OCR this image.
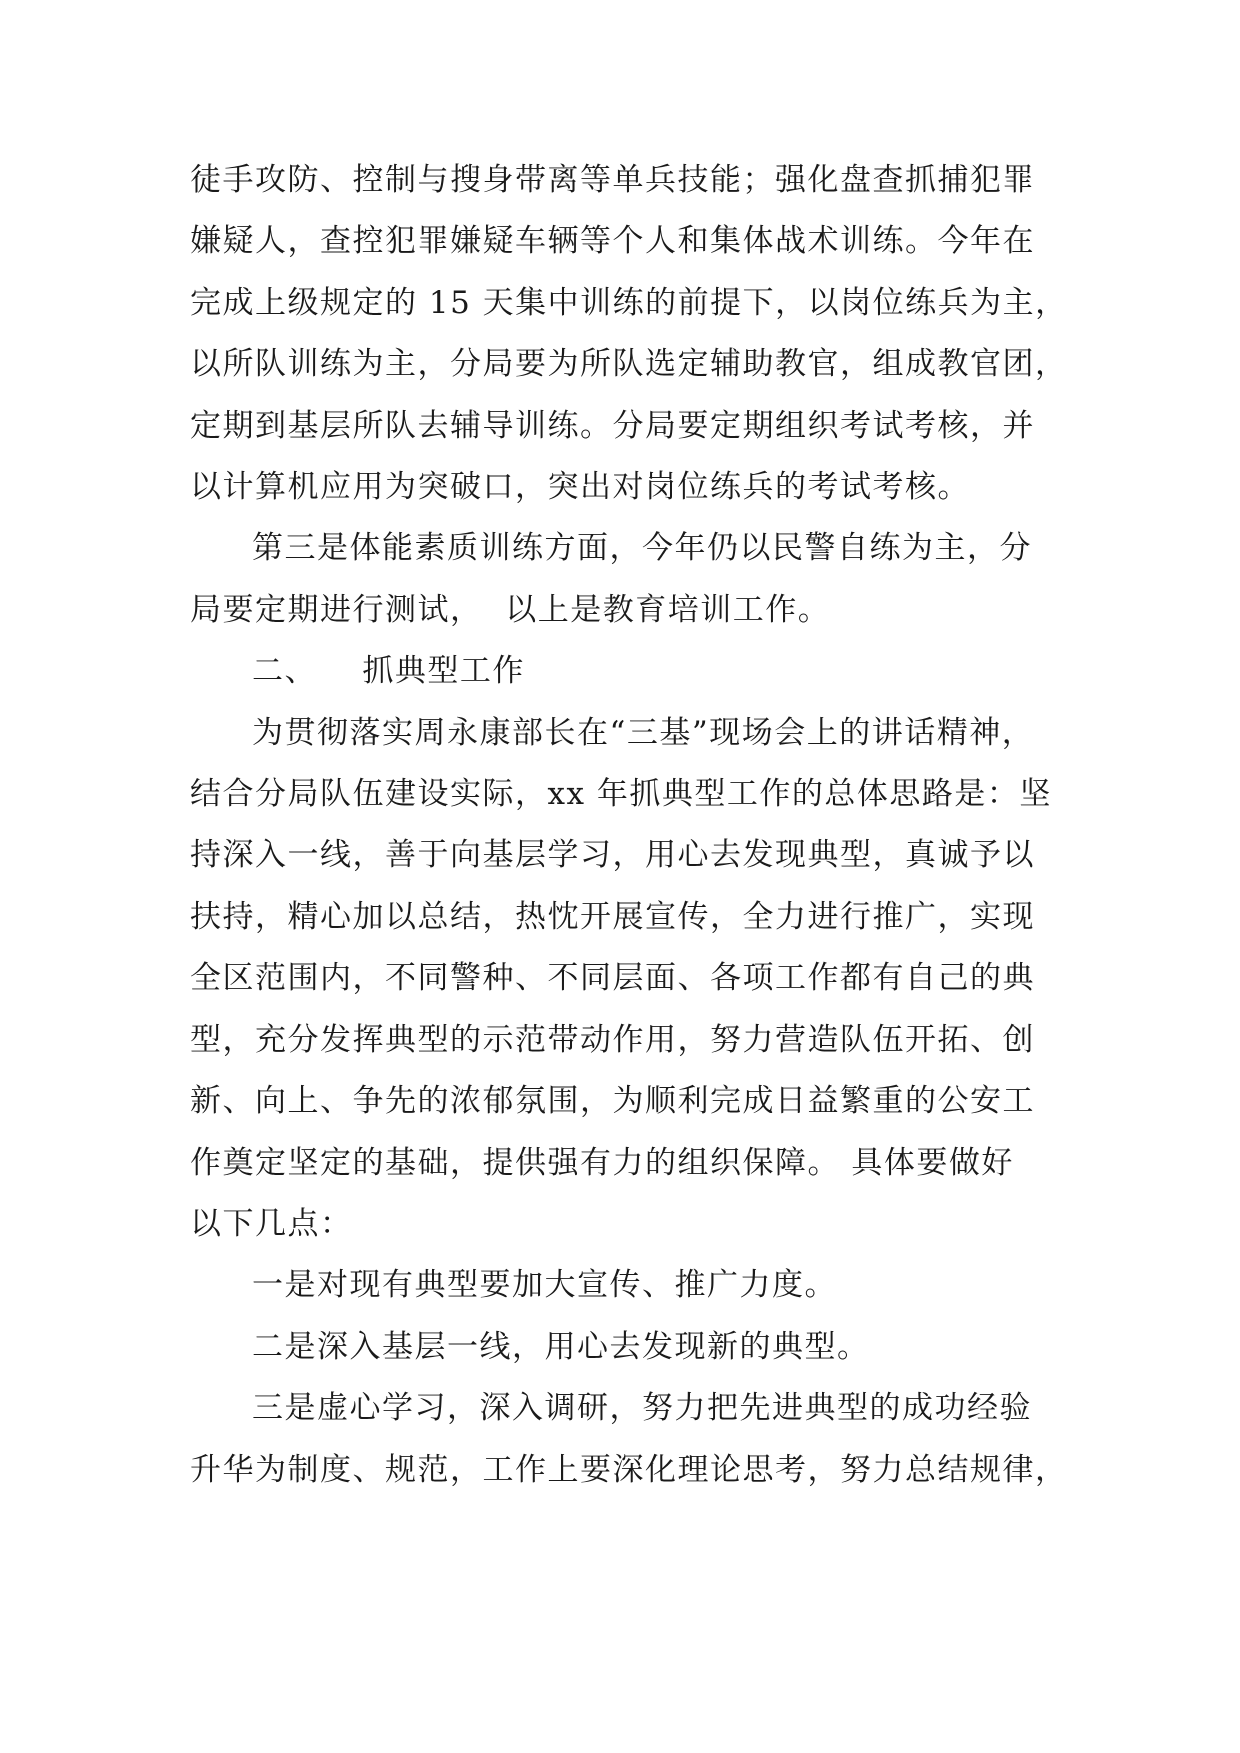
徒手攻防、控制与搜身带离等单兵技能；强化盘查抓捕犯罪
嫌疑人，查控犯罪嫌疑车辆等个人和集体战术训练。今年在
完成上级规定的 15 天集中训练的前提下，以岗位练兵为主，
以所队训练为主，分局要为所队选定辅助教官，组成教官团，
定期到基层所队去辅导训练。分局要定期组织考试考核，并
以计算机应用为突破口，突出对岗位练兵的考试考核。

第三是体能素质训练方面，今年仍以民警自练为主，分
局要定期进行测试，  以上是教育培训工作。

二、    抓典型工作

为贯彻落实周永康部长在“三基”现场会上的讲话精神，
结合分局队伍建设实际，xx 年抓典型工作的总体思路是：坚
持深入一线，善于向基层学习，用心去发现典型，真诚予以
扶持，精心加以总结，热忱开展宣传，全力进行推广，实现
全区范围内，不同警种、不同层面、各项工作都有自己的典
型，充分发挥典型的示范带动作用，努力营造队伍开拓、创
新、向上、争先的浓郁氛围，为顺利完成日益繁重的公安工
作奠定坚定的基础，提供强有力的组织保障。 具体要做好
以下几点：

一是对现有典型要加大宣传、推广力度。

二是深入基层一线，用心去发现新的典型。

三是虚心学习，深入调研，努力把先进典型的成功经验
升华为制度、规范，工作上要深化理论思考，努力总结规律，
